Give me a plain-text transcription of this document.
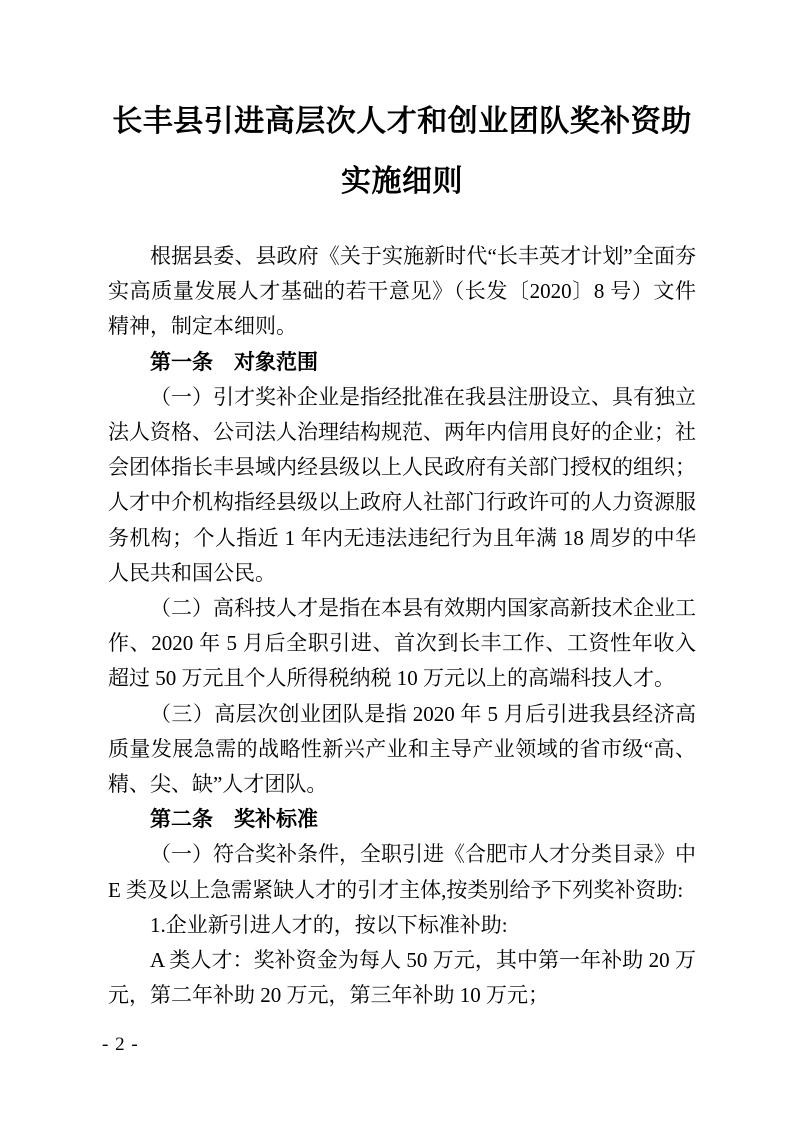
长丰县引进高层次人才和创业团队奖补资助
实施细则

根据县委、县政府《关于实施新时代“长丰英才计划”全面夯实高质量发展人才基础的若干意见》（长发〔2020〕8 号）文件精神，制定本细则。

第一条　对象范围

（一）引才奖补企业是指经批准在我县注册设立、具有独立法人资格、公司法人治理结构规范、两年内信用良好的企业；社会团体指长丰县域内经县级以上人民政府有关部门授权的组织；人才中介机构指经县级以上政府人社部门行政许可的人力资源服务机构；个人指近 1 年内无违法违纪行为且年满 18 周岁的中华人民共和国公民。

（二）高科技人才是指在本县有效期内国家高新技术企业工作、2020 年 5 月后全职引进、首次到长丰工作、工资性年收入超过 50 万元且个人所得税纳税 10 万元以上的高端科技人才。

（三）高层次创业团队是指 2020 年 5 月后引进我县经济高质量发展急需的战略性新兴产业和主导产业领域的省市级“高、精、尖、缺”人才团队。

第二条　奖补标准

（一）符合奖补条件，全职引进《合肥市人才分类目录》中E 类及以上急需紧缺人才的引才主体,按类别给予下列奖补资助:

1.企业新引进人才的，按以下标准补助:

A 类人才：奖补资金为每人 50 万元，其中第一年补助 20 万元，第二年补助 20 万元，第三年补助 10 万元；

- 2 -
